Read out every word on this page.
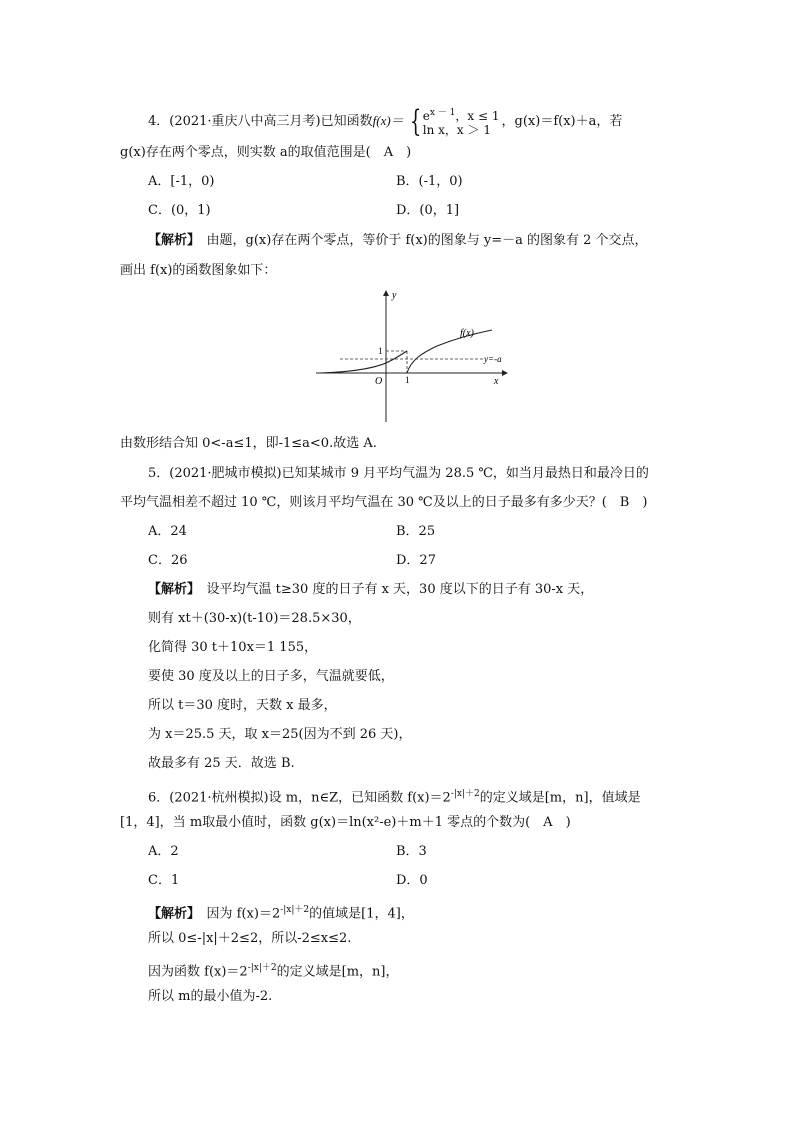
4．(2021·重庆八中高三月考)已知函数f(x)＝ { $e^{x - 1}$，x ≤ 1
ln x，x ＞ 1，g(x)＝f(x)＋a，若
g(x)存在两个零点，则实数 a的取值范围是(　A　)
A．[-1，0)	B．(-1，0)
C．(0，1)	D．(0，1]
【解析】　 由题，g(x)存在两个零点，等价于 f(x)的图象与 y=－a 的图象有 2 个交点，
画出 f(x)的函数图象如下：
y
x
O	1
1
f(x)
y=-a
由数形结合知 0<-a≤1，即-1≤a<0.故选 A.
5．(2021·肥城市模拟)已知某城市 9 月平均气温为 28.5 ℃，如当月最热日和最冷日的
平均气温相差不超过 10 ℃，则该月平均气温在 30 ℃及以上的日子最多有多少天？(　B　)
A．24	B．25
C．26	D．27
【解析】　 设平均气温 t≥30 度的日子有 x 天，30 度以下的日子有 30-x 天，
则有 xt＋(30-x)(t-10)＝28.5×30，
化简得 30 t＋10x＝1 155，
要使 30 度及以上的日子多，气温就要低，
所以 t＝30 度时，天数 x 最多，
为 x＝25.5 天，取 x＝25(因为不到 26 天)，
故最多有 25 天．故选 B.
6．(2021·杭州模拟)设 m，n∈Z，已知函数 $f(x)=2^{-|x|+2}$的定义域是[m，n]，值域是
[1，4]，当 m取最小值时，函数 g(x)＝ln(x²-e)＋m＋1 零点的个数为(　A　)
A．2	B．3
C．1	D．0
【解析】　 因为 $f(x)=2^{-|x|+2}$的值域是[1，4]，
所以 0≤-|x|＋2≤2，所以-2≤x≤2.
因为函数 $f(x)=2^{-|x|+2}$的定义域是[m，n]，
所以 m的最小值为-2.
